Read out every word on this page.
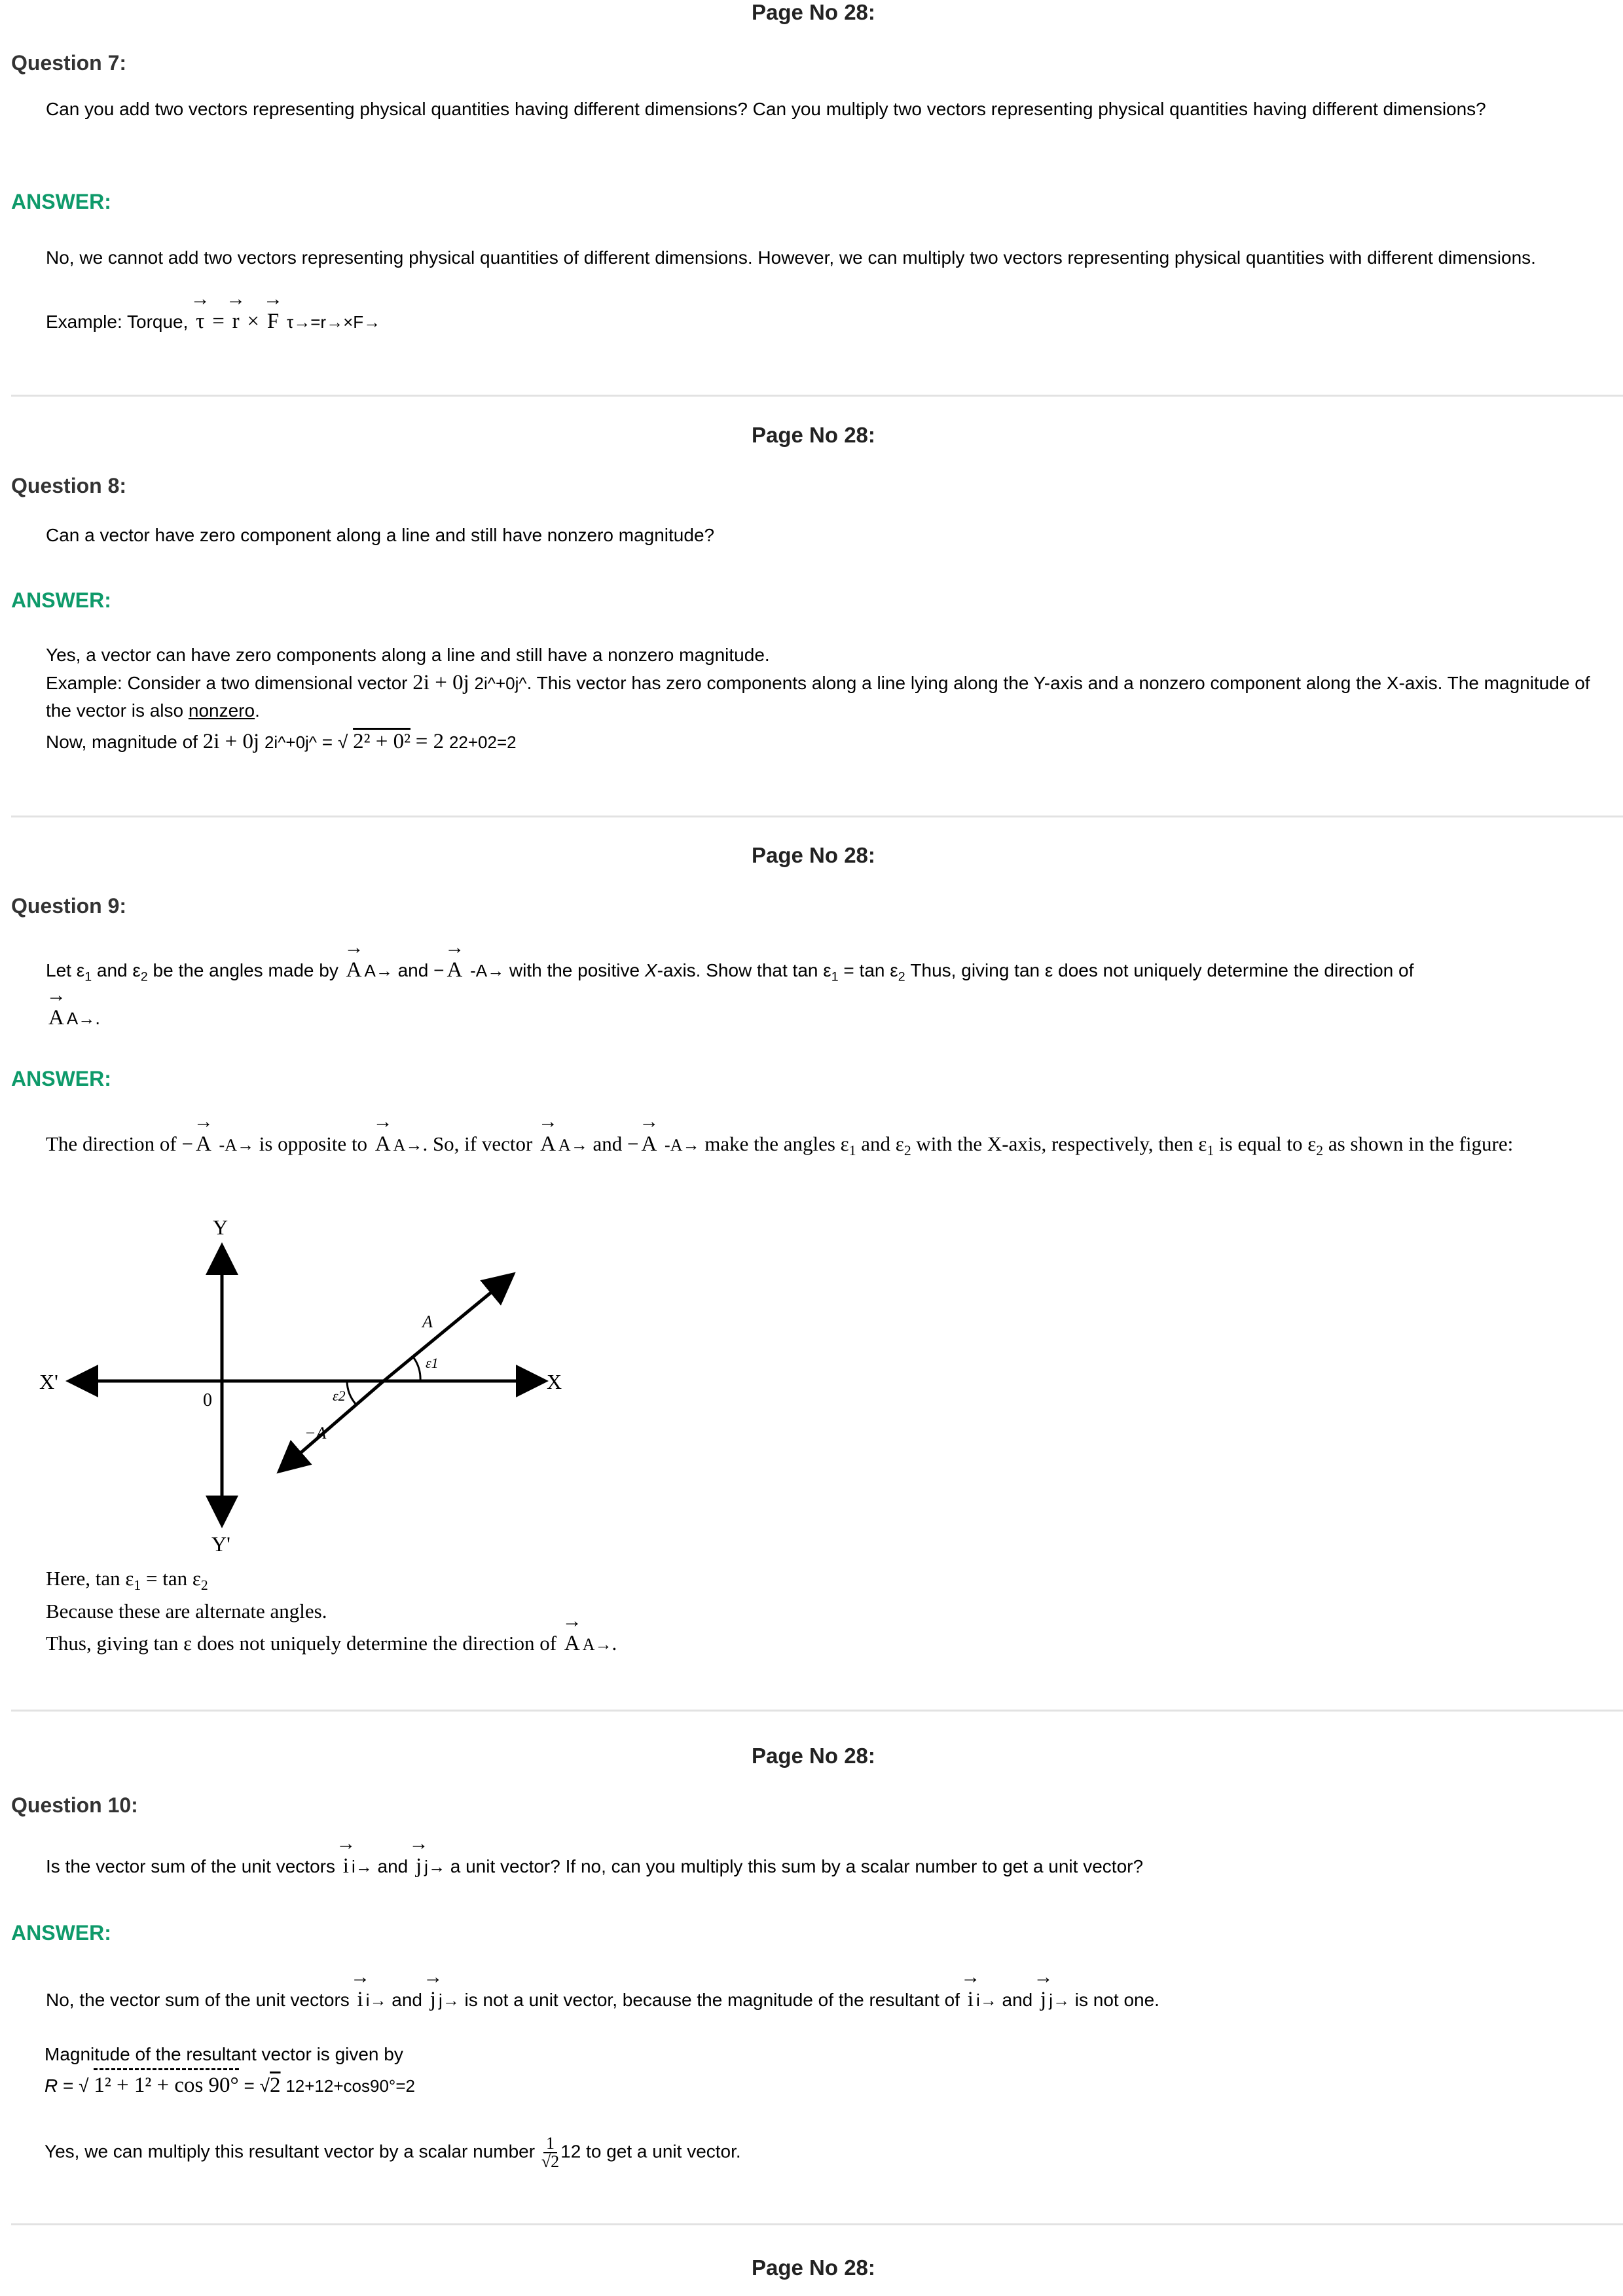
Page No 28:
Question 7:
Can you add two vectors representing physical quantities having different dimensions? Can you multiply two vectors representing physical quantities having different dimensions?
ANSWER:
No, we cannot add two vectors representing physical quantities of different dimensions. However, we can multiply two vectors representing physical quantities with different dimensions.
Example: Torque, → τ = → r × → F τ→=r→×F→
Page No 28:
Question 8:
Can a vector have zero component along a line and still have nonzero magnitude?
ANSWER:
Yes, a vector can have zero components along a line and still have a nonzero magnitude.
Example: Consider a two dimensional vector 2i + 0j 2i^+0j^. This vector has zero components along a line lying along the Y-axis and a nonzero component along the X-axis. The magnitude of the vector is also nonzero.
Now, magnitude of 2i + 0j 2i^+0j^ = √ 2² + 0² = 2 22+02=2
Page No 28:
Question 9:
Let $\varepsilon_1$ and $\varepsilon_2$ be the angles made by → A A→ and − → A -A→ with the positive X-axis. Show that $\tan \varepsilon_1 = \tan \varepsilon_2$ Thus, giving tan ε does not uniquely determine the direction of
→ A A→.
ANSWER:
The direction of − → A -A→ is opposite to → A A→. So, if vector → A A→ and − → A -A→ make the angles $\varepsilon_1$ and $\varepsilon_2$ with the X-axis, respectively, then $\varepsilon_1$ is equal to $\varepsilon_2$ as shown in the figure:
Y
Y'
X
X'
0
A
−A
ε1
ε2
Here, $\tan \varepsilon_1 = \tan \varepsilon_2$
Because these are alternate angles.
Thus, giving tan ε does not uniquely determine the direction of → A A→.
Page No 28:
Question 10:
Is the vector sum of the unit vectors → i i→ and → j j→ a unit vector? If no, can you multiply this sum by a scalar number to get a unit vector?
ANSWER:
No, the vector sum of the unit vectors → i i→ and → j j→ is not a unit vector, because the magnitude of the resultant of → i i→ and → j j→ is not one.
Magnitude of the resultant vector is given by
R = √ 1² + 1² + cos 90° = √2 12+12+cos90°=2
Yes, we can multiply this resultant vector by a scalar number $\frac{1}{√2} 12$ to get a unit vector.
Page No 28:
